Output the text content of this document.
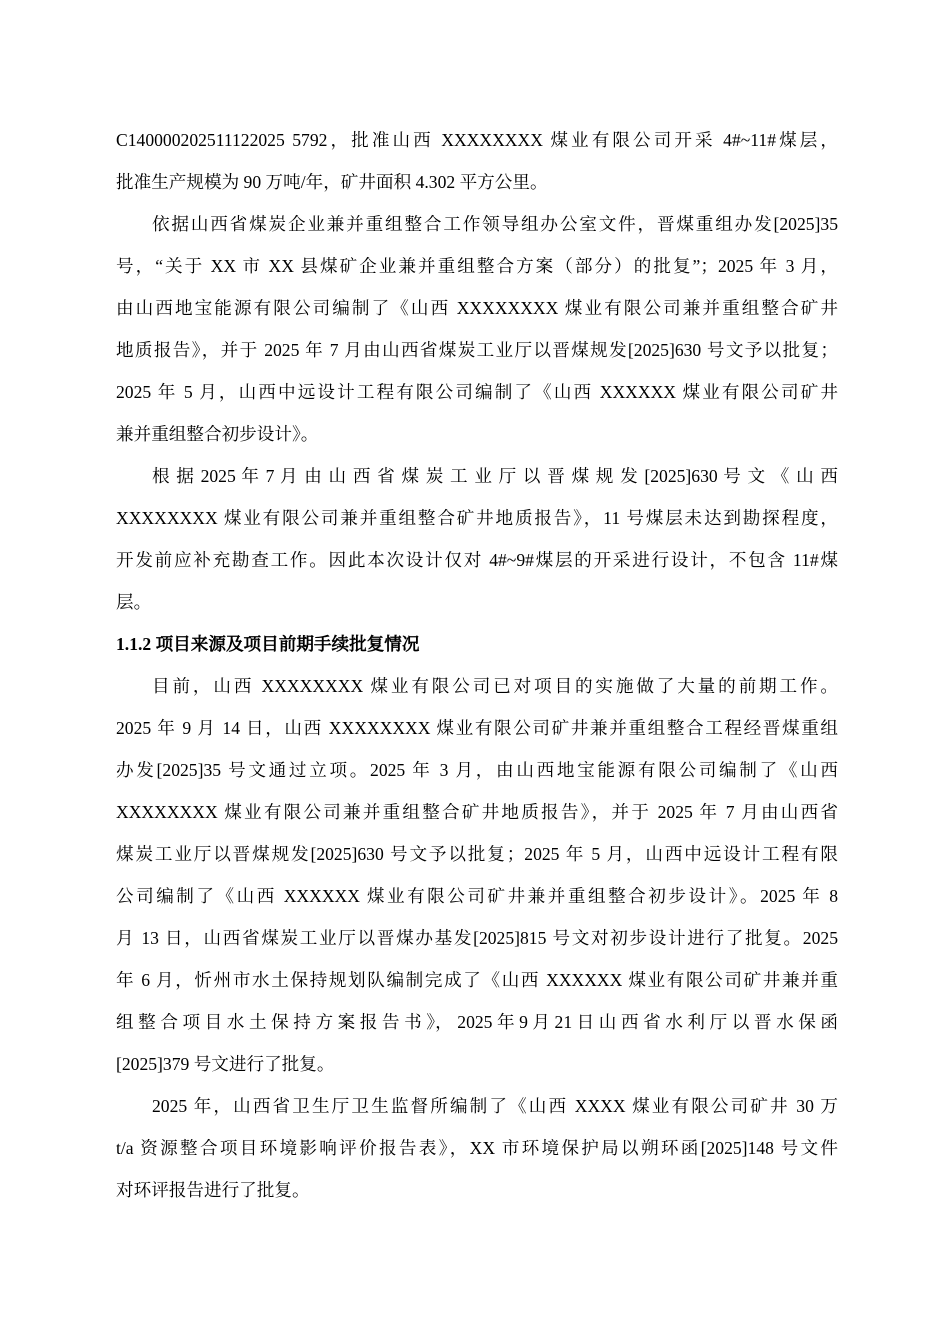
C140000202511122025 5792，批准山西 XXXXXXXX 煤业有限公司开采 4#~11#煤层，
批准生产规模为 90 万吨/年，矿井面积 4.302 平方公里。
依据山西省煤炭企业兼并重组整合工作领导组办公室文件，晋煤重组办发[2025]35
号，“关于 XX 市 XX 县煤矿企业兼并重组整合方案（部分）的批复”；2025 年 3 月，
由山西地宝能源有限公司编制了《山西 XXXXXXXX 煤业有限公司兼并重组整合矿井
地质报告》，并于 2025 年 7 月由山西省煤炭工业厅以晋煤规发[2025]630 号文予以批复；
2025 年 5 月，山西中远设计工程有限公司编制了《山西 XXXXXX 煤业有限公司矿井
兼并重组整合初步设计》。
根 据 2025 年 7 月 由 山 西 省 煤 炭 工 业 厅 以 晋 煤 规 发 [2025]630 号 文 《 山 西
XXXXXXXX 煤业有限公司兼并重组整合矿井地质报告》，11 号煤层未达到勘探程度，
开发前应补充勘查工作。因此本次设计仅对 4#~9#煤层的开采进行设计，不包含 11#煤
层。
1.1.2 项目来源及项目前期手续批复情况
目前，山西 XXXXXXXX 煤业有限公司已对项目的实施做了大量的前期工作。
2025 年 9 月 14 日，山西 XXXXXXXX 煤业有限公司矿井兼并重组整合工程经晋煤重组
办发[2025]35 号文通过立项。2025 年 3 月，由山西地宝能源有限公司编制了《山西
XXXXXXXX 煤业有限公司兼并重组整合矿井地质报告》，并于 2025 年 7 月由山西省
煤炭工业厅以晋煤规发[2025]630 号文予以批复；2025 年 5 月，山西中远设计工程有限
公司编制了《山西 XXXXXX 煤业有限公司矿井兼并重组整合初步设计》。2025 年 8
月 13 日，山西省煤炭工业厅以晋煤办基发[2025]815 号文对初步设计进行了批复。2025
年 6 月，忻州市水土保持规划队编制完成了《山西 XXXXXX 煤业有限公司矿井兼并重
组 整 合 项 目 水 土 保 持 方 案 报 告 书 》， 2025 年 9 月 21 日 山 西 省 水 利 厅 以 晋 水 保 函
[2025]379 号文进行了批复。
2025 年，山西省卫生厅卫生监督所编制了《山西 XXXX 煤业有限公司矿井 30 万
t/a 资源整合项目环境影响评价报告表》，XX 市环境保护局以朔环函[2025]148 号文件
对环评报告进行了批复。
